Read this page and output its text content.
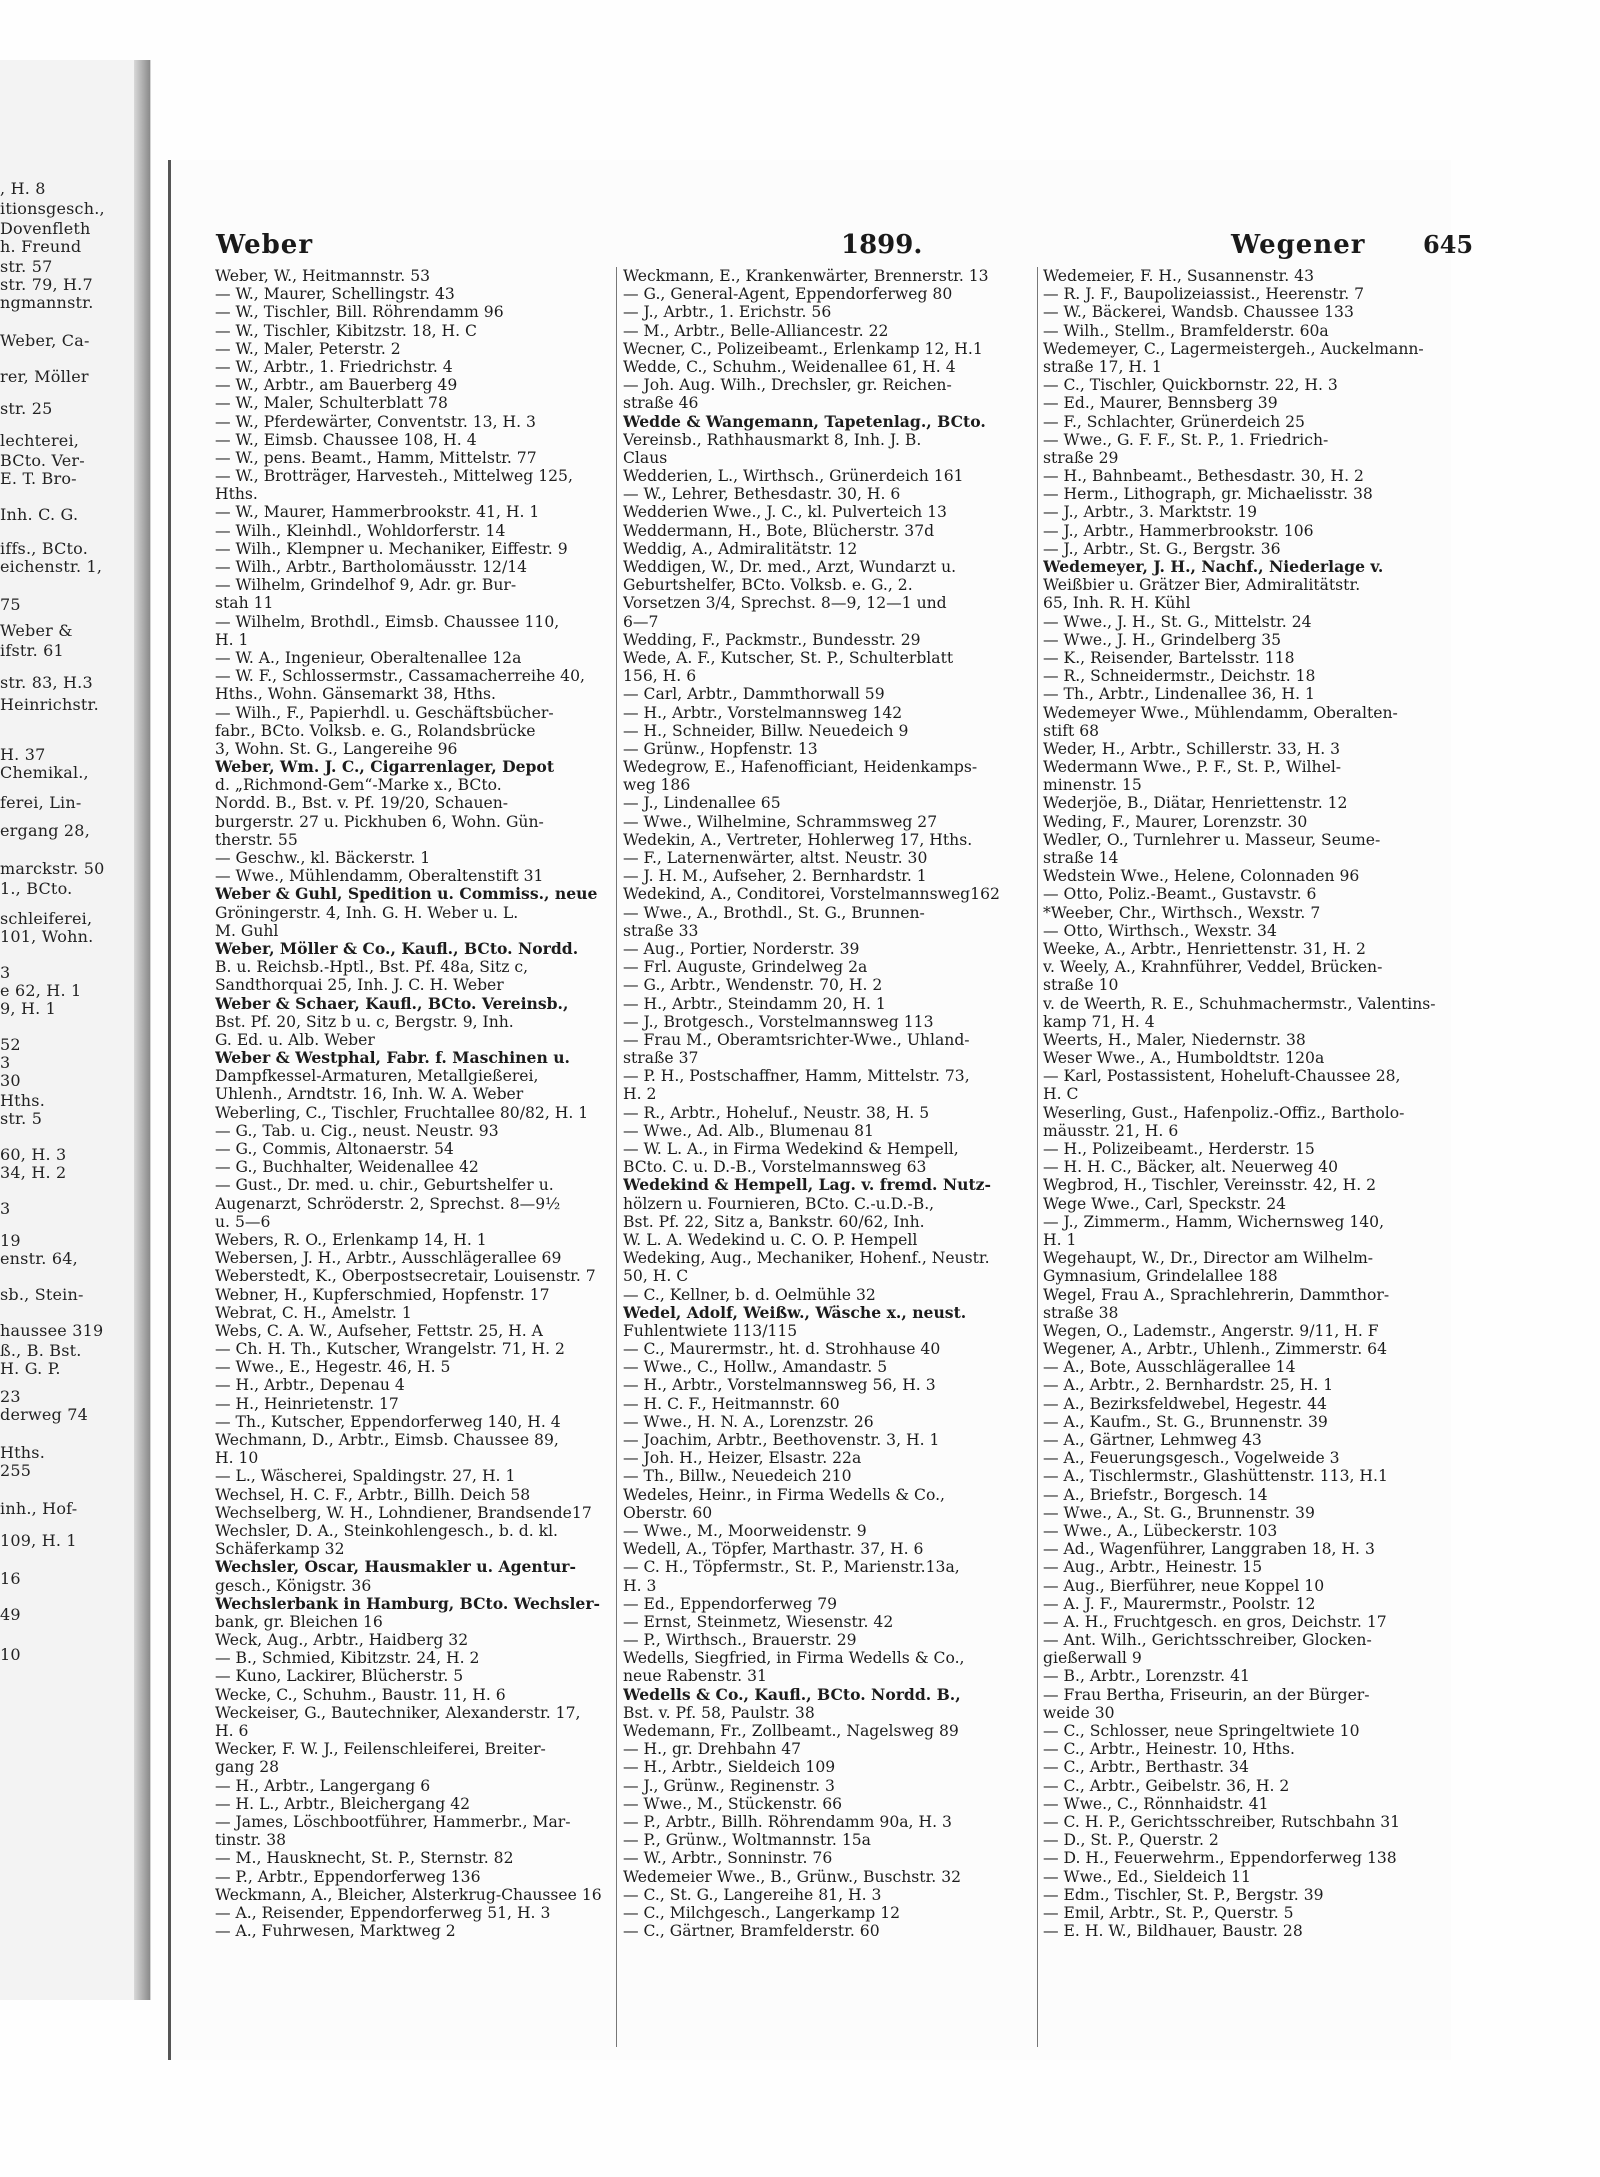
, H. 8
itionsgesch.,
Dovenfleth
h. Freund
str. 57
str. 79, H.7
ngmannstr.
Weber, Ca-
rer, Möller
str. 25
lechterei,
BCto. Ver-
E. T. Bro-
Inh. C. G.
iffs., BCto.
eichenstr. 1,
75
Weber &
ifstr. 61
str. 83, H.3
Heinrichstr.
H. 37
Chemikal.,
ferei, Lin-
ergang 28,
marckstr. 50
1., BCto.
schleiferei,
101, Wohn.
3
e 62, H. 1
9, H. 1
52
3
30
Hths.
str. 5
60, H. 3
34, H. 2
3
19
enstr. 64,
sb., Stein-
haussee 319
ß., B. Bst.
H. G. P.
23
derweg 74
Hths.
255
inh., Hof-
109, H. 1
16
49
10
Weber	1899.	Wegener 645
Weber, W., Heitmannstr. 53
— W., Maurer, Schellingstr. 43
— W., Tischler, Bill. Röhrendamm 96
— W., Tischler, Kibitzstr. 18, H. C
— W., Maler, Peterstr. 2
— W., Arbtr., 1. Friedrichstr. 4
— W., Arbtr., am Bauerberg 49
— W., Maler, Schulterblatt 78
— W., Pferdewärter, Conventstr. 13, H. 3
— W., Eimsb. Chaussee 108, H. 4
— W., pens. Beamt., Hamm, Mittelstr. 77
— W., Brotträger, Harvestеh., Mittelweg 125,
Hths.
— W., Maurer, Hammerbrookstr. 41, H. 1
— Wilh., Kleinhdl., Wohldorferstr. 14
— Wilh., Klempner u. Mechaniker, Eiffestr. 9
— Wilh., Arbtr., Bartholomäusstr. 12/14
— Wilhelm, Grindelhof 9, Adr. gr. Bur-
stah 11
— Wilhelm, Brothdl., Eimsb. Chaussee 110,
H. 1
— W. A., Ingenieur, Oberaltenallee 12a
— W. F., Schlossermstr., Cassamacherreihe 40,
Hths., Wohn. Gänsemarkt 38, Hths.
— Wilh., F., Papierhdl. u. Geschäftsbücher-
fabr., BCto. Volksb. e. G., Rolandsbrücke
3, Wohn. St. G., Langereihe 96
Weber, Wm. J. C., Cigarrenlager, Depot
d. „Richmond-Gem“-Marke x., BCto.
Nordd. B., Bst. v. Pf. 19/20, Schauen-
burgerstr. 27 u. Pickhuben 6, Wohn. Gün-
therstr. 55
— Geschw., kl. Bäckerstr. 1
— Wwe., Mühlendamm, Oberaltenstift 31
Weber & Guhl, Spedition u. Commiss., neue
Gröningerstr. 4, Inh. G. H. Weber u. L.
M. Guhl
Weber, Möller & Co., Kaufl., BCto. Nordd.
B. u. Reichsb.-Hptl., Bst. Pf. 48a, Sitz c,
Sandthorquai 25, Inh. J. C. H. Weber
Weber & Schaer, Kaufl., BCto. Vereinsb.,
Bst. Pf. 20, Sitz b u. c, Bergstr. 9, Inh.
G. Ed. u. Alb. Weber
Weber & Westphal, Fabr. f. Maschinen u.
Dampfkessel-Armaturen, Metallgießerei,
Uhlenh., Arndtstr. 16, Inh. W. A. Weber
Weberling, C., Tischler, Fruchtallee 80/82, H. 1
— G., Tab. u. Cig., neust. Neustr. 93
— G., Commis, Altonaerstr. 54
— G., Buchhalter, Weidenallee 42
— Gust., Dr. med. u. chir., Geburtshelfer u.
Augenarzt, Schröderstr. 2, Sprechst. 8—9½
u. 5—6
Webers, R. O., Erlenkamp 14, H. 1
Webersen, J. H., Arbtr., Ausschlägerallee 69
Weberstedt, K., Oberpostsecretair, Louisenstr. 7
Webner, H., Kupferschmied, Hopfenstr. 17
Webrat, C. H., Amelstr. 1
Webs, C. A. W., Aufseher, Fettstr. 25, H. A
— Ch. H. Th., Kutscher, Wrangelstr. 71, H. 2
— Wwe., E., Hegestr. 46, H. 5
— H., Arbtr., Depenau 4
— H., Heinrietenstr. 17
— Th., Kutscher, Eppendorferweg 140, H. 4
Wechmann, D., Arbtr., Eimsb. Chaussee 89,
H. 10
— L., Wäscherei, Spaldingstr. 27, H. 1
Wechsel, H. C. F., Arbtr., Billh. Deich 58
Wechselberg, W. H., Lohndiener, Brandsende17
Wechsler, D. A., Steinkohlengesch., b. d. kl.
Schäferkamp 32
Wechsler, Oscar, Hausmakler u. Agentur-
gesch., Königstr. 36
Wechslerbank in Hamburg, BCto. Wechsler-
bank, gr. Bleichen 16
Weck, Aug., Arbtr., Haidberg 32
— B., Schmied, Kibitzstr. 24, H. 2
— Kuno, Lackirer, Blücherstr. 5
Wecke, C., Schuhm., Baustr. 11, H. 6
Weckeiser, G., Bautechniker, Alexanderstr. 17,
H. 6
Wecker, F. W. J., Feilenschleiferei, Breiter-
gang 28
— H., Arbtr., Langergang 6
— H. L., Arbtr., Bleichergang 42
— James, Löschbootführer, Hammerbr., Mar-
tinstr. 38
— M., Hausknecht, St. P., Sternstr. 82
— P., Arbtr., Eppendorferweg 136
Weckmann, A., Bleicher, Alsterkrug-Chaussee 16
— A., Reisender, Eppendorferweg 51, H. 3
— A., Fuhrwesen, Marktweg 2
Weckmann, E., Krankenwärter, Brennerstr. 13
— G., General-Agent, Eppendorferweg 80
— J., Arbtr., 1. Erichstr. 56
— M., Arbtr., Belle-Alliancestr. 22
Wecner, C., Polizeibeamt., Erlenkamp 12, H.1
Wedde, C., Schuhm., Weidenallee 61, H. 4
— Joh. Aug. Wilh., Drechsler, gr. Reichen-
straße 46
Wedde & Wangemann, Tapetenlag., BCto.
Vereinsb., Rathhausmarkt 8, Inh. J. B.
Claus
Wedderien, L., Wirthsch., Grünerdeich 161
— W., Lehrer, Bethesdastr. 30, H. 6
Wedderien Wwe., J. C., kl. Pulverteich 13
Weddermann, H., Bote, Blücherstr. 37d
Weddig, A., Admiralitätstr. 12
Weddigen, W., Dr. med., Arzt, Wundarzt u.
Geburtshelfer, BCto. Volksb. e. G., 2.
Vorsetzen 3/4, Sprechst. 8—9, 12—1 und
6—7
Wedding, F., Packmstr., Bundesstr. 29
Wede, A. F., Kutscher, St. P., Schulterblatt
156, H. 6
— Carl, Arbtr., Dammthorwall 59
— H., Arbtr., Vorstelmannsweg 142
— H., Schneider, Billw. Neuedeich 9
— Grünw., Hopfenstr. 13
Wedegrow, E., Hafenofficiant, Heidenkamps-
weg 186
— J., Lindenallee 65
— Wwe., Wilhelmine, Schrammsweg 27
Wedekin, A., Vertreter, Hohlerweg 17, Hths.
— F., Laternenwärter, altst. Neustr. 30
— J. H. M., Aufseher, 2. Bernhardstr. 1
Wedekind, A., Conditorei, Vorstelmannsweg162
— Wwe., A., Brothdl., St. G., Brunnen-
straße 33
— Aug., Portier, Norderstr. 39
— Frl. Auguste, Grindelweg 2a
— G., Arbtr., Wendenstr. 70, H. 2
— H., Arbtr., Steindamm 20, H. 1
— J., Brotgesch., Vorstelmannsweg 113
— Frau M., Oberamtsrichter-Wwe., Uhland-
straße 37
— P. H., Postschaffner, Hamm, Mittelstr. 73,
H. 2
— R., Arbtr., Hoheluf., Neustr. 38, H. 5
— Wwe., Ad. Alb., Blumenau 81
— W. L. A., in Firma Wedekind & Hempell,
BCto. C. u. D.-B., Vorstelmannsweg 63
Wedekind & Hempell, Lag. v. fremd. Nutz-
hölzern u. Fournieren, BCto. C.-u.D.-B.,
Bst. Pf. 22, Sitz a, Bankstr. 60/62, Inh.
W. L. A. Wedekind u. C. O. P. Hempell
Wedeking, Aug., Mechaniker, Hohenf., Neustr.
50, H. C
— C., Kellner, b. d. Oelmühle 32
Wedel, Adolf, Weißw., Wäsche x., neust.
Fuhlentwiete 113/115
— C., Maurermstr., ht. d. Strohhause 40
— Wwe., C., Hollw., Amandastr. 5
— H., Arbtr., Vorstelmannsweg 56, H. 3
— H. C. F., Heitmannstr. 60
— Wwe., H. N. A., Lorenzstr. 26
— Joachim, Arbtr., Beethovenstr. 3, H. 1
— Joh. H., Heizer, Elsastr. 22a
— Th., Billw., Neuedeich 210
Wedeles, Heinr., in Firma Wedells & Co.,
Oberstr. 60
— Wwe., M., Moorweidenstr. 9
Wedell, A., Töpfer, Marthastr. 37, H. 6
— C. H., Töpfermstr., St. P., Marienstr.13a,
H. 3
— Ed., Eppendorferweg 79
— Ernst, Steinmetz, Wiesenstr. 42
— P., Wirthsch., Brauerstr. 29
Wedells, Siegfried, in Firma Wedells & Co.,
neue Rabenstr. 31
Wedells & Co., Kaufl., BCto. Nordd. B.,
Bst. v. Pf. 58, Paulstr. 38
Wedemann, Fr., Zollbeamt., Nagelsweg 89
— H., gr. Drehbahn 47
— H., Arbtr., Sieldeich 109
— J., Grünw., Reginenstr. 3
— Wwe., M., Stückenstr. 66
— P., Arbtr., Billh. Röhrendamm 90a, H. 3
— P., Grünw., Woltmannstr. 15a
— W., Arbtr., Sonninstr. 76
Wedemeier Wwe., B., Grünw., Buschstr. 32
— C., St. G., Langereihe 81, H. 3
— C., Milchgesch., Langerkamp 12
— C., Gärtner, Bramfelderstr. 60
Wedemeier, F. H., Susannenstr. 43
— R. J. F., Baupolizeiassist., Heerenstr. 7
— W., Bäckerei, Wandsb. Chaussee 133
— Wilh., Stellm., Bramfelderstr. 60a
Wedemeyer, C., Lagermeistergeh., Auckelmann-
straße 17, H. 1
— C., Tischler, Quickbornstr. 22, H. 3
— Ed., Maurer, Bennsberg 39
— F., Schlachter, Grünerdeich 25
— Wwe., G. F. F., St. P., 1. Friedrich-
straße 29
— H., Bahnbeamt., Bethesdastr. 30, H. 2
— Herm., Lithograph, gr. Michaelisstr. 38
— J., Arbtr., 3. Marktstr. 19
— J., Arbtr., Hammerbrookstr. 106
— J., Arbtr., St. G., Bergstr. 36
Wedemeyer, J. H., Nachf., Niederlage v.
Weißbier u. Grätzer Bier, Admiralitätstr.
65, Inh. R. H. Kühl
— Wwe., J. H., St. G., Mittelstr. 24
— Wwe., J. H., Grindelberg 35
— K., Reisender, Bartelsstr. 118
— R., Schneidermstr., Deichstr. 18
— Th., Arbtr., Lindenallee 36, H. 1
Wedemeyer Wwe., Mühlendamm, Oberalten-
stift 68
Weder, H., Arbtr., Schillerstr. 33, H. 3
Wedermann Wwe., P. F., St. P., Wilhel-
minenstr. 15
Wederjöe, B., Diätar, Henriettenstr. 12
Weding, F., Maurer, Lorenzstr. 30
Wedler, O., Turnlehrer u. Masseur, Seume-
straße 14
Wedstein Wwe., Helene, Colonnaden 96
— Otto, Poliz.-Beamt., Gustavstr. 6
*Weeber, Chr., Wirthsch., Wexstr. 7
— Otto, Wirthsch., Wexstr. 34
Weeke, A., Arbtr., Henriettenstr. 31, H. 2
v. Weely, A., Krahnführer, Veddel, Brücken-
straße 10
v. de Weerth, R. E., Schuhmachermstr., Valentins-
kamp 71, H. 4
Weerts, H., Maler, Niedernstr. 38
Weser Wwe., A., Humboldtstr. 120a
— Karl, Postassistent, Hoheluft-Chaussee 28,
H. C
Weserling, Gust., Hafenpoliz.-Offiz., Bartholo-
mäusstr. 21, H. 6
— H., Polizeibeamt., Herderstr. 15
— H. H. C., Bäcker, alt. Neuerweg 40
Wegbrod, H., Tischler, Vereinsstr. 42, H. 2
Wege Wwe., Carl, Speckstr. 24
— J., Zimmerm., Hamm, Wichernsweg 140,
H. 1
Wegehaupt, W., Dr., Director am Wilhelm-
Gymnasium, Grindelallee 188
Wegel, Frau A., Sprachlehrerin, Dammthor-
straße 38
Wegen, O., Lademstr., Angerstr. 9/11, H. F
Wegener, A., Arbtr., Uhlenh., Zimmerstr. 64
— A., Bote, Ausschlägerallee 14
— A., Arbtr., 2. Bernhardstr. 25, H. 1
— A., Bezirksfeldwebel, Hegestr. 44
— A., Kaufm., St. G., Brunnenstr. 39
— A., Gärtner, Lehmweg 43
— A., Feuerungsgesch., Vogelweide 3
— A., Tischlermstr., Glashüttenstr. 113, H.1
— A., Briefstr., Borgesch. 14
— Wwe., A., St. G., Brunnenstr. 39
— Wwe., A., Lübeckerstr. 103
— Ad., Wagenführer, Langgraben 18, H. 3
— Aug., Arbtr., Heinestr. 15
— Aug., Bierführer, neue Koppel 10
— A. J. F., Maurermstr., Poolstr. 12
— A. H., Fruchtgesch. en gros, Deichstr. 17
— Ant. Wilh., Gerichtsschreiber, Glocken-
gießerwall 9
— B., Arbtr., Lorenzstr. 41
— Frau Bertha, Friseurin, an der Bürger-
weide 30
— C., Schlosser, neue Springeltwiete 10
— C., Arbtr., Heinestr. 10, Hths.
— C., Arbtr., Berthastr. 34
— C., Arbtr., Geibelstr. 36, H. 2
— Wwe., C., Rönnhaidstr. 41
— C. H. P., Gerichtsschreiber, Rutschbahn 31
— D., St. P., Querstr. 2
— D. H., Feuerwehrm., Eppendorferweg 138
— Wwe., Ed., Sieldeich 11
— Edm., Tischler, St. P., Bergstr. 39
— Emil, Arbtr., St. P., Querstr. 5
— E. H. W., Bildhauer, Baustr. 28
